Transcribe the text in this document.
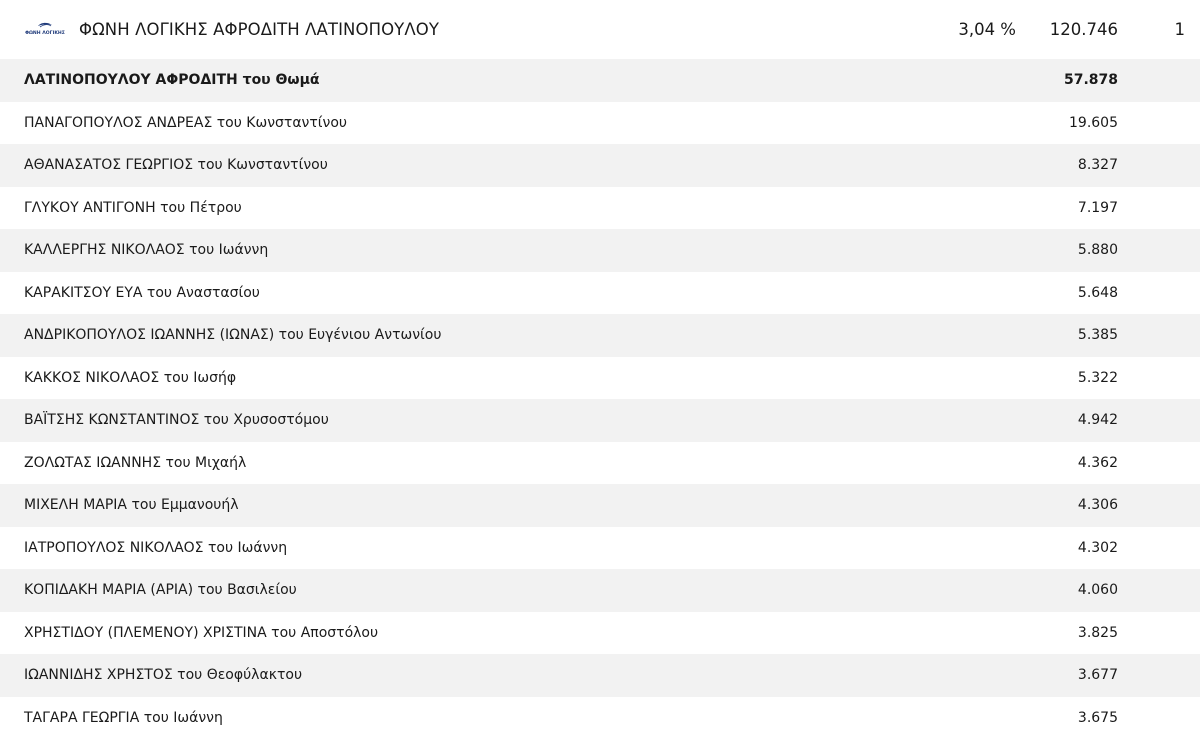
ΦΩΝΗ ΛΟΓΙΚΗΣ ΦΩΝΗ ΛΟΓΙΚΗΣ ΑΦΡΟΔΙΤΗ ΛΑΤΙΝΟΠΟΥΛΟΥ	3,04 % 120.746	1
ΛΑΤΙΝΟΠΟΥΛΟΥ ΑΦΡΟΔΙΤΗ του Θωμά	57.878
ΠΑΝΑΓΟΠΟΥΛΟΣ ΑΝΔΡΕΑΣ του Κωνσταντίνου	19.605
ΑΘΑΝΑΣΑΤΟΣ ΓΕΩΡΓΙΟΣ του Κωνσταντίνου	8.327
ΓΛΥΚΟΥ ΑΝΤΙΓΟΝΗ του Πέτρου	7.197
ΚΑΛΛΕΡΓΗΣ ΝΙΚΟΛΑΟΣ του Ιωάννη	5.880
ΚΑΡΑΚΙΤΣΟΥ ΕΥΑ του Αναστασίου	5.648
ΑΝΔΡΙΚΟΠΟΥΛΟΣ ΙΩΑΝΝΗΣ (ΙΩΝΑΣ) του Ευγένιου Αντωνίου	5.385
ΚΑΚΚΟΣ ΝΙΚΟΛΑΟΣ του Ιωσήφ	5.322
ΒΑΪΤΣΗΣ ΚΩΝΣΤΑΝΤΙΝΟΣ του Χρυσοστόμου	4.942
ΖΟΛΩΤΑΣ ΙΩΑΝΝΗΣ του Μιχαήλ	4.362
ΜΙΧΕΛΗ ΜΑΡΙΑ του Εμμανουήλ	4.306
ΙΑΤΡΟΠΟΥΛΟΣ ΝΙΚΟΛΑΟΣ του Ιωάννη	4.302
ΚΟΠΙΔΑΚΗ ΜΑΡΙΑ (ΑΡΙΑ) του Βασιλείου	4.060
ΧΡΗΣΤΙΔΟΥ (ΠΛΕΜΕΝΟΥ) ΧΡΙΣΤΙΝΑ του Αποστόλου	3.825
ΙΩΑΝΝΙΔΗΣ ΧΡΗΣΤΟΣ του Θεοφύλακτου	3.677
ΤΑΓΑΡΑ ΓΕΩΡΓΙΑ του Ιωάννη	3.675
